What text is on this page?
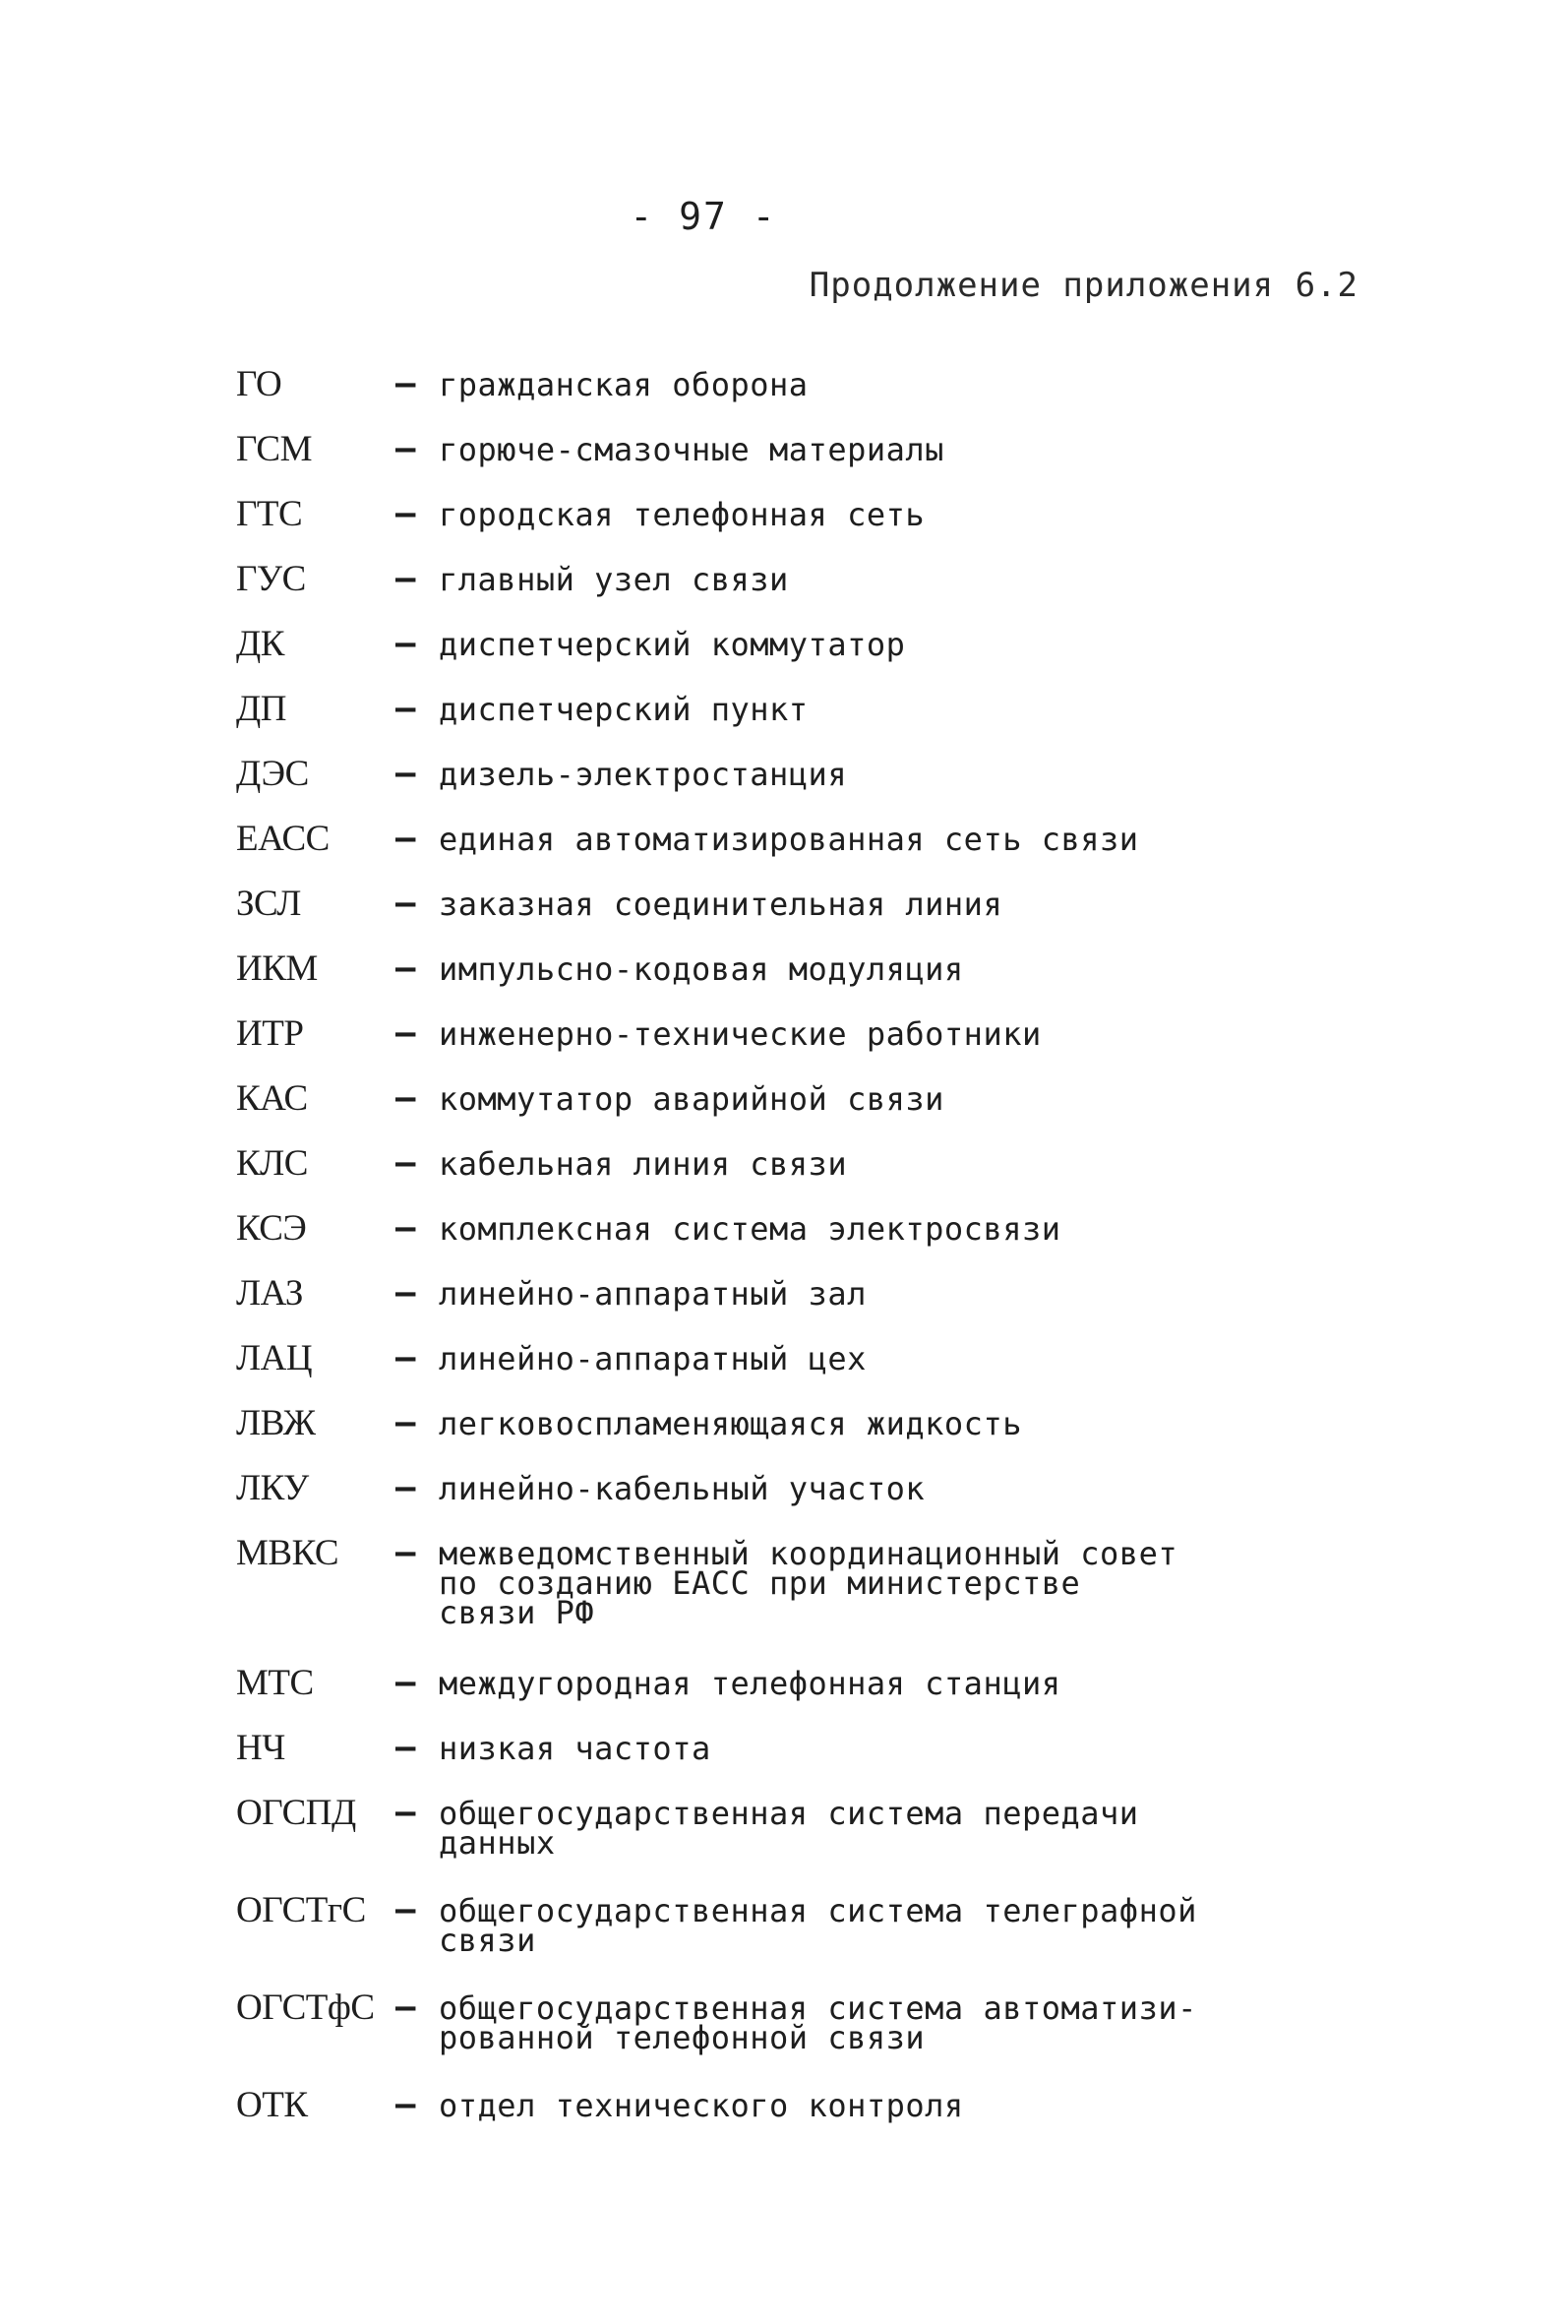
- 97 -
Продолжение приложения 6.2
ГО	– гражданская оборона
ГСМ	– горюче-смазочные материалы
ГТС	– городская телефонная сеть
ГУС	– главный узел связи
ДК	– диспетчерский коммутатор
ДП	– диспетчерский пункт
ДЭС	– дизель-электростанция
ЕАСС	– единая автоматизированная сеть связи
ЗСЛ	– заказная соединительная линия
ИКМ	– импульсно-кодовая модуляция
ИТР	– инженерно-технические работники
КАС	– коммутатор аварийной связи
КЛС	– кабельная линия связи
КСЭ	– комплексная система электросвязи
ЛАЗ	– линейно-аппаратный зал
ЛАЦ	– линейно-аппаратный цех
ЛВЖ	– легковоспламеняющаяся жидкость
ЛКУ	– линейно-кабельный участок
МВКС	– межведомственный координационный совет
по созданию ЕАСС при министерстве
связи РФ
МТС	– междугородная телефонная станция
НЧ	– низкая частота
ОГСПД	– общегосударственная система передачи
данных
ОГСТгС – общегосударственная система телеграфной
связи
ОГСТфС – общегосударственная система автоматизи-
рованной телефонной связи
ОТК	– отдел технического контроля
